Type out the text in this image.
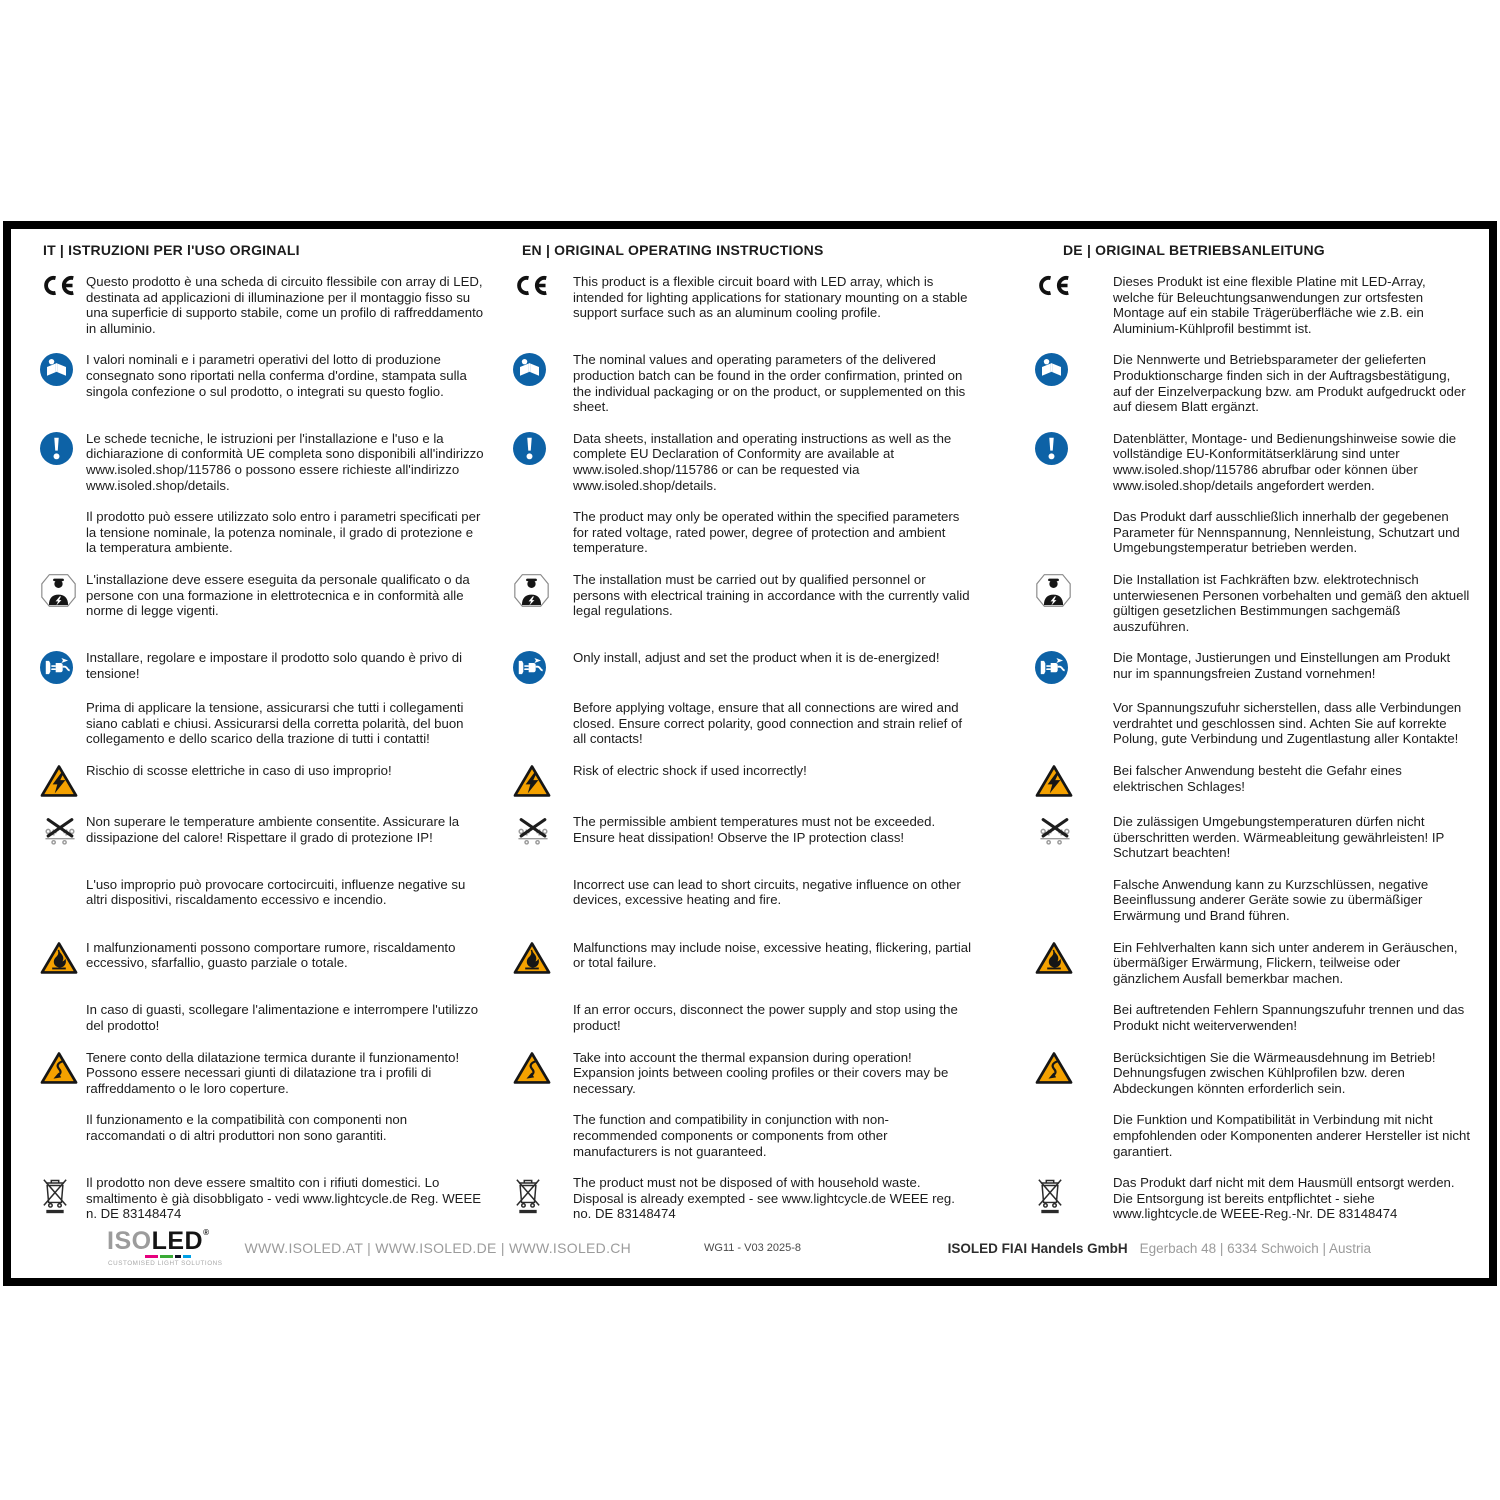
IT | ISTRUZIONI PER l'USO ORGINALI	EN | ORIGINAL OPERATING INSTRUCTIONS	DE | ORIGINAL BETRIEBSANLEITUNG
Questo prodotto è una scheda di circuito flessibile con array di LED, destinata ad applicazioni di illuminazione per il montaggio fisso su una superficie di supporto stabile, come un profilo di raffreddamento in alluminio.
This product is a flexible circuit board with LED array, which is intended for lighting applications for stationary mounting on a stable support surface such as an aluminum cooling profile.
Dieses Produkt ist eine flexible Platine mit LED-Array, welche für Beleuchtungsanwendungen zur ortsfesten Montage auf ein stabile Trägerüberfläche wie z.B. ein Aluminium-Kühlprofil bestimmt ist.
I valori nominali e i parametri operativi del lotto di produzione consegnato sono riportati nella conferma d'ordine, stampata sulla singola confezione o sul prodotto, o integrati su questo foglio.
The nominal values and operating parameters of the delivered production batch can be found in the order confirmation, printed on the individual packaging or on the product, or supplemented on this sheet.
Die Nennwerte und Betriebsparameter der gelieferten Produktionscharge finden sich in der Auftragsbestätigung, auf der Einzelverpackung bzw. am Produkt aufgedruckt oder auf diesem Blatt ergänzt.
Le schede tecniche, le istruzioni per l'installazione e l'uso e la dichiarazione di conformità UE completa sono disponibili all'indirizzo www.isoled.shop/115786 o possono essere richieste all'indirizzo www.isoled.shop/details.
Data sheets, installation and operating instructions as well as the complete EU Declaration of Conformity are available at www.isoled.shop/115786 or can be requested via www.isoled.shop/details.
Datenblätter, Montage- und Bedienungshinweise sowie die vollständige EU-Konformitätserklärung sind unter www.isoled.shop/115786 abrufbar oder können über www.isoled.shop/details angefordert werden.
Il prodotto può essere utilizzato solo entro i parametri specificati per la tensione nominale, la potenza nominale, il grado di protezione e la temperatura ambiente.
The product may only be operated within the specified parameters for rated voltage, rated power, degree of protection and ambient temperature.
Das Produkt darf ausschließlich innerhalb der gegebenen Parameter für Nennspannung, Nennleistung, Schutzart und Umgebungstemperatur betrieben werden.
L'installazione deve essere eseguita da personale qualificato o da persone con una formazione in elettrotecnica e in conformità alle norme di legge vigenti.
The installation must be carried out by qualified personnel or persons with electrical training in accordance with the currently valid legal regulations.
Die Installation ist Fachkräften bzw. elektrotechnisch unterwiesenen Personen vorbehalten und gemäß den aktuell gültigen gesetzlichen Bestimmungen sachgemäß auszuführen.
Installare, regolare e impostare il prodotto solo quando è privo di tensione!
Only install, adjust and set the product when it is de-energized!	Die Montage, Justierungen und Einstellungen am Produkt nur im spannungsfreien Zustand vornehmen!
Prima di applicare la tensione, assicurarsi che tutti i collegamenti siano cablati e chiusi. Assicurarsi della corretta polarità, del buon collegamento e dello scarico della trazione di tutti i contatti!
Before applying voltage, ensure that all connections are wired and closed. Ensure correct polarity, good connection and strain relief of all contacts!
Vor Spannungszufuhr sicherstellen, dass alle Verbindungen verdrahtet und geschlossen sind. Achten Sie auf korrekte Polung, gute Verbindung und Zugentlastung aller Kontakte!
Rischio di scosse elettriche in caso di uso improprio!	Risk of electric shock if used incorrectly!	Bei falscher Anwendung besteht die Gefahr eines elektrischen Schlages!
Non superare le temperature ambiente consentite. Assicurare la dissipazione del calore! Rispettare il grado di protezione IP!
The permissible ambient temperatures must not be exceeded. Ensure heat dissipation! Observe the IP protection class!
Die zulässigen Umgebungstemperaturen dürfen nicht überschritten werden. Wärmeableitung gewährleisten! IP Schutzart beachten!
L'uso improprio può provocare cortocircuiti, influenze negative su altri dispositivi, riscaldamento eccessivo e incendio.
Incorrect use can lead to short circuits, negative influence on other devices, excessive heating and fire.
Falsche Anwendung kann zu Kurzschlüssen, negative Beeinflussung anderer Geräte sowie zu übermäßiger Erwärmung und Brand führen.
I malfunzionamenti possono comportare rumore, riscaldamento eccessivo, sfarfallio, guasto parziale o totale.
Malfunctions may include noise, excessive heating, flickering, partial or total failure.
Ein Fehlverhalten kann sich unter anderem in Geräuschen, übermäßiger Erwärmung, Flickern, teilweise oder gänzlichem Ausfall bemerkbar machen.
In caso di guasti, scollegare l'alimentazione e interrompere l'utilizzo del prodotto!
If an error occurs, disconnect the power supply and stop using the product!
Bei auftretenden Fehlern Spannungszufuhr trennen und das Produkt nicht weiterverwenden!
Tenere conto della dilatazione termica durante il funzionamento! Possono essere necessari giunti di dilatazione tra i profili di raffreddamento o le loro coperture.
Take into account the thermal expansion during operation! Expansion joints between cooling profiles or their covers may be necessary.
Berücksichtigen Sie die Wärmeausdehnung im Betrieb! Dehnungsfugen zwischen Kühlprofilen bzw. deren Abdeckungen könnten erforderlich sein.
Il funzionamento e la compatibilità con componenti non raccomandati o di altri produttori non sono garantiti.
The function and compatibility in conjunction with non-recommended components or components from other manufacturers is not guaranteed.
Die Funktion und Kompatibilität in Verbindung mit nicht empfohlenden oder Komponenten anderer Hersteller ist nicht garantiert.
Il prodotto non deve essere smaltito con i rifiuti domestici. Lo smaltimento è già disobbligato - vedi www.lightcycle.de Reg. WEEE n. DE 83148474
The product must not be disposed of with household waste. Disposal is already exempted - see www.lightcycle.de WEEE reg. no. DE 83148474
Das Produkt darf nicht mit dem Hausmüll entsorgt werden. Die Entsorgung ist bereits entpflichtet - siehe www.lightcycle.de WEEE-Reg.-Nr. DE 83148474
ISOLED®
CUSTOMISED LIGHT SOLUTIONS
WWW.ISOLED.AT | WWW.ISOLED.DE | WWW.ISOLED.CH	WG11 - V03 2025-8	ISOLED FIAI Handels GmbH Egerbach 48 | 6334 Schwoich | Austria
